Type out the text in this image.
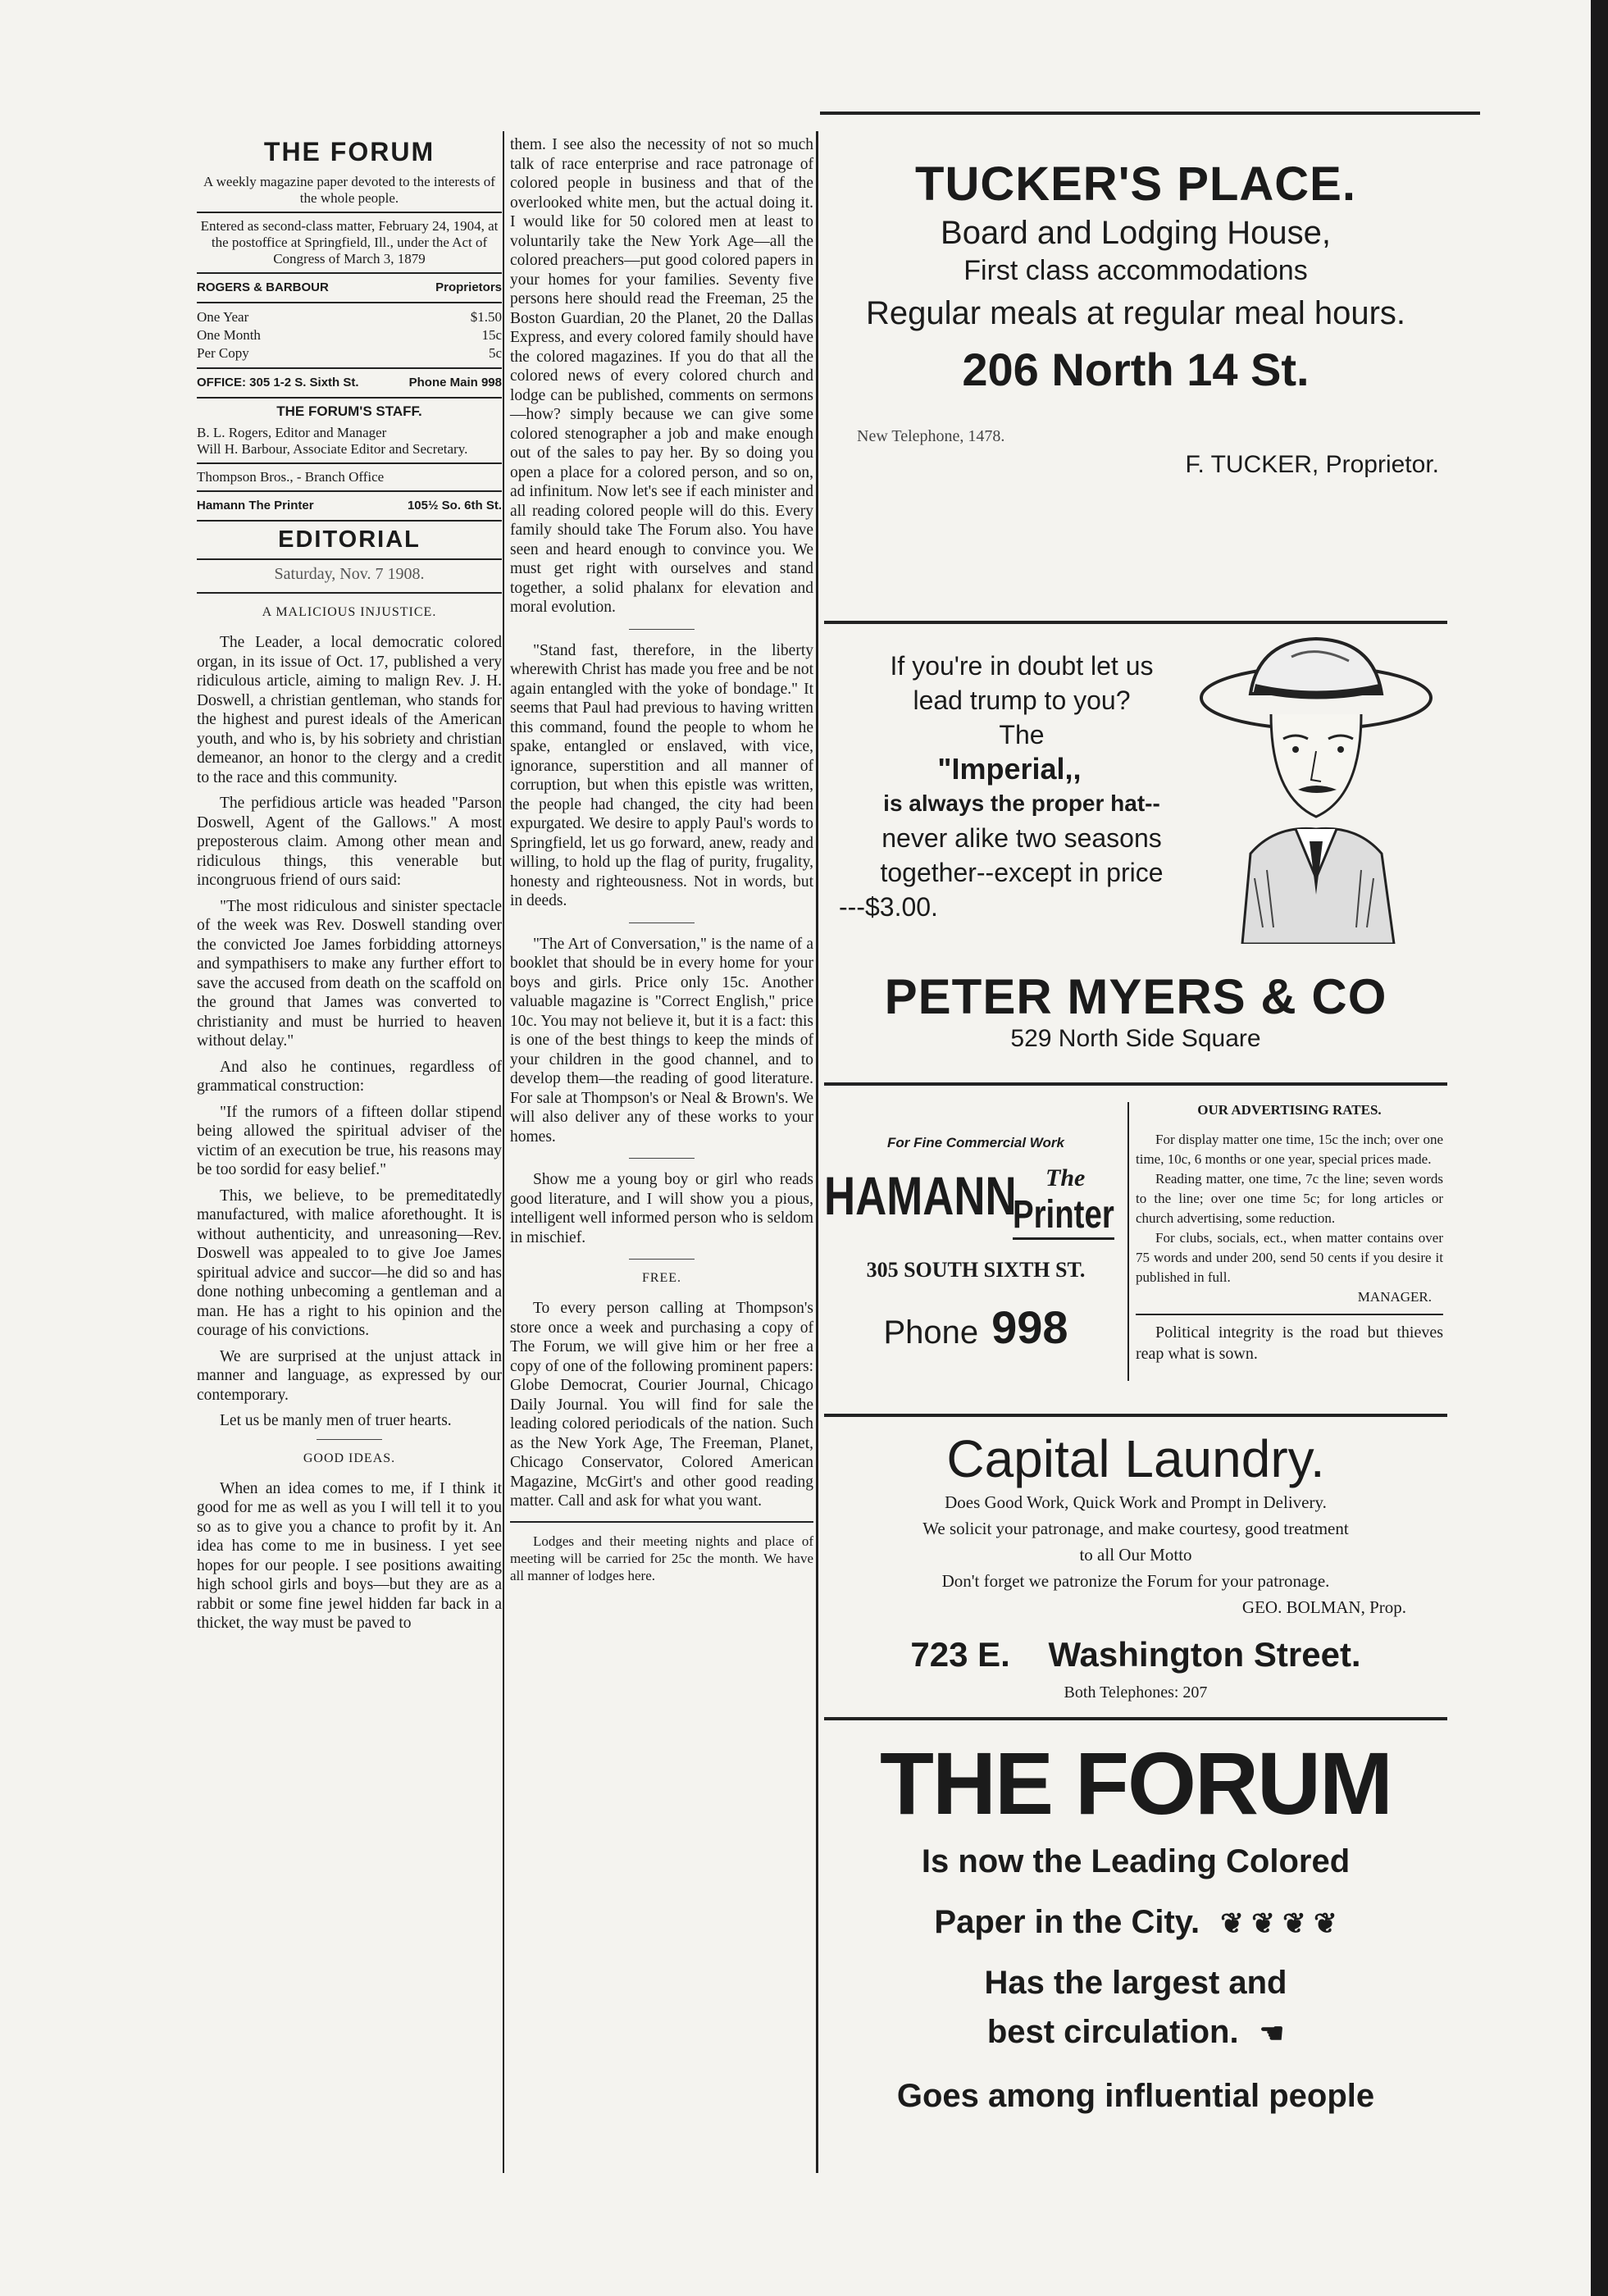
THE FORUM
A weekly magazine paper devoted to the interests of the whole people.
Entered as second-class matter, February 24, 1904, at the postoffice at Springfield, Ill., under the Act of Congress of March 3, 1879
ROGERS & BARBOUR	Proprietors
One Year	$1.50
One Month	15c
Per Copy	5c
OFFICE: 305 1-2 S. Sixth St.	Phone Main 998
THE FORUM'S STAFF.
B. L. Rogers, Editor and Manager
Will H. Barbour, Associate Editor and Secretary.
Thompson Bros., - Branch Office
Hamann The Printer	105½ So. 6th St.
EDITORIAL
Saturday, Nov. 7 1908.
A MALICIOUS INJUSTICE.

The Leader, a local democratic colored organ, in its issue of Oct. 17, published a very ridiculous article, aiming to malign Rev. J. H. Doswell, a christian gentleman, who stands for the highest and purest ideals of the American youth, and who is, by his sobriety and christian demeanor, an honor to the clergy and a credit to the race and this community.

The perfidious article was headed "Parson Doswell, Agent of the Gallows." A most preposterous claim. Among other mean and ridiculous things, this venerable but incongruous friend of ours said:

"The most ridiculous and sinister spectacle of the week was Rev. Doswell standing over the convicted Joe James forbidding attorneys and sympathisers to make any further effort to save the accused from death on the scaffold on the ground that James was converted to christianity and must be hurried to heaven without delay."

And also he continues, regardless of grammatical construction:

"If the rumors of a fifteen dollar stipend being allowed the spiritual adviser of the victim of an execution be true, his reasons may be too sordid for easy belief."

This, we believe, to be premeditatedly manufactured, with malice aforethought. It is without authenticity, and unreasoning—Rev. Doswell was appealed to to give Joe James spiritual advice and succor—he did so and has done nothing unbecoming a gentleman and a man. He has a right to his opinion and the courage of his convictions.

We are surprised at the unjust attack in manner and language, as expressed by our contemporary.

Let us be manly men of truer hearts.

GOOD IDEAS.

When an idea comes to me, if I think it good for me as well as you I will tell it to you so as to give you a chance to profit by it. An idea has come to me in business. I yet see hopes for our people. I see positions awaiting high school girls and boys—but they are as a rabbit or some fine jewel hidden far back in a thicket, the way must be paved to

them. I see also the necessity of not so much talk of race enterprise and race patronage of colored people in business and that of the overlooked white men, but the actual doing it. I would like for 50 colored men at least to voluntarily take the New York Age—all the colored preachers—put good colored papers in your homes for your families. Seventy five persons here should read the Freeman, 25 the Boston Guardian, 20 the Planet, 20 the Dallas Express, and every colored family should have the colored magazines. If you do that all the colored news of every colored church and lodge can be published, comments on sermons—how? simply because we can give some colored stenographer a job and make enough out of the sales to pay her. By so doing you open a place for a colored person, and so on, ad infinitum. Now let's see if each minister and all reading colored people will do this. Every family should take The Forum also. You have seen and heard enough to convince you. We must get right with ourselves and stand together, a solid phalanx for elevation and moral evolution.

"Stand fast, therefore, in the liberty wherewith Christ has made you free and be not again entangled with the yoke of bondage." It seems that Paul had previous to having written this command, found the people to whom he spake, entangled or enslaved, with vice, ignorance, superstition and all manner of corruption, but when this epistle was written, the people had changed, the city had been expurgated. We desire to apply Paul's words to Springfield, let us go forward, anew, ready and willing, to hold up the flag of purity, frugality, honesty and righteousness. Not in words, but in deeds.

"The Art of Conversation," is the name of a booklet that should be in every home for your boys and girls. Price only 15c. Another valuable magazine is "Correct English," price 10c. You may not believe it, but it is a fact: this is one of the best things to keep the minds of your children in the good channel, and to develop them—the reading of good literature. For sale at Thompson's or Neal & Brown's. We will also deliver any of these works to your homes.

Show me a young boy or girl who reads good literature, and I will show you a pious, intelligent well informed person who is seldom in mischief.

FREE.

To every person calling at Thompson's store once a week and purchasing a copy of The Forum, we will give him or her free a copy of one of the following prominent papers: Globe Democrat, Courier Journal, Chicago Daily Journal. You will find for sale the leading colored periodicals of the nation. Such as the New York Age, The Freeman, Planet, Chicago Conservator, Colored American Magazine, McGirt's and other good reading matter. Call and ask for what you want.

Lodges and their meeting nights and place of meeting will be carried for 25c the month. We have all manner of lodges here.

TUCKER'S PLACE.
Board and Lodging House,
First class accommodations
Regular meals at regular meal hours.
206 North 14 St.
New Telephone, 1478.
F. TUCKER, Proprietor.
If you're in doubt let us
lead trump to you?
The
"Imperial,,
is always the proper hat--
never alike two seasons
together--except in price
---$3.00.
PETER MYERS & CO
529 North Side Square
For Fine Commercial Work
HAMANN The
Printer
305 SOUTH SIXTH ST.
Phone 998
OUR ADVERTISING RATES.

For display matter one time, 15c the inch; over one time, 10c, 6 months or one year, special prices made.

Reading matter, one time, 7c the line; seven words to the line; over one time 5c; for long articles or church advertising, some reduction.

For clubs, socials, ect., when matter contains over 75 words and under 200, send 50 cents if you desire it published in full.

MANAGER.

Political integrity is the road but thieves reap what is sown.

Capital Laundry.

Does Good Work, Quick Work and Prompt in Delivery.

We solicit your patronage, and make courtesy, good treatment

to all Our Motto

Don't forget we patronize the Forum for your patronage.

GEO. BOLMAN, Prop.

723 E.    Washington Street.

Both Telephones: 207

THE FORUM
Is now the Leading Colored
Paper in the City. ❦ ❦ ❦ ❦
Has the largest and
best circulation. ☚
Goes among influential people
